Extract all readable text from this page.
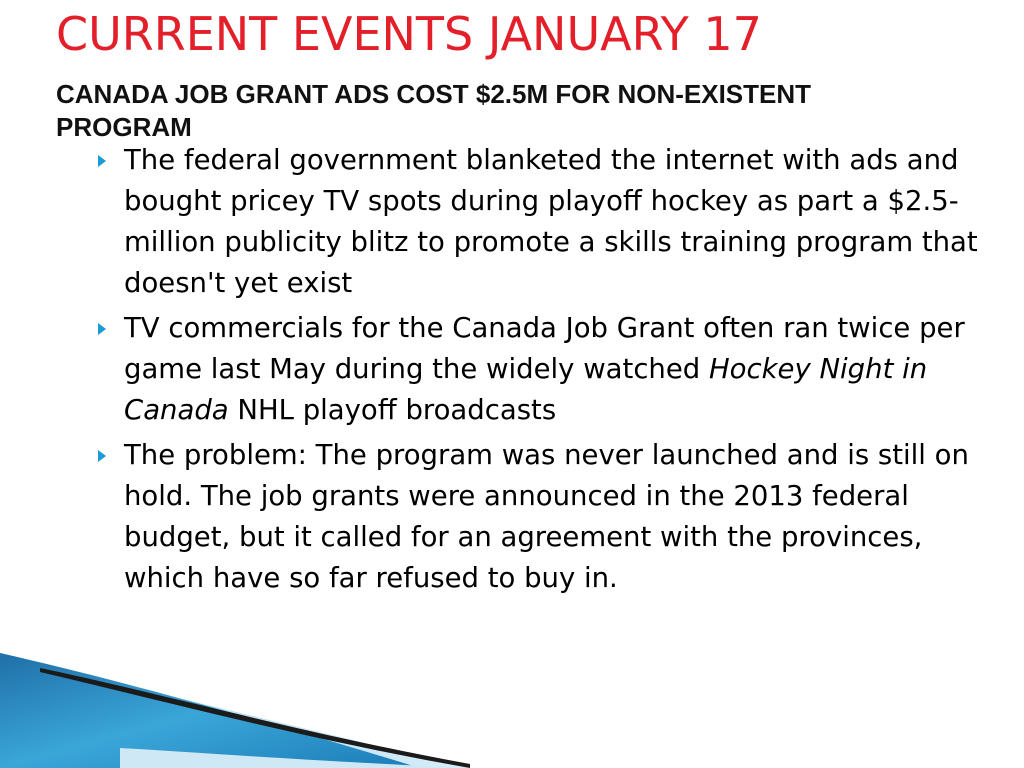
CURRENT EVENTS JANUARY 17
CANADA JOB GRANT ADS COST $2.5M FOR NON-EXISTENT PROGRAM
The federal government blanketed the internet with ads and bought pricey TV spots during playoff hockey as part a $2.5-million publicity blitz to promote a skills training program that doesn't yet exist
TV commercials for the Canada Job Grant often ran twice per game last May during the widely watched Hockey Night in Canada NHL playoff broadcasts
The problem: The program was never launched and is still on hold. The job grants were announced in the 2013 federal budget, but it called for an agreement with the provinces, which have so far refused to buy in.
